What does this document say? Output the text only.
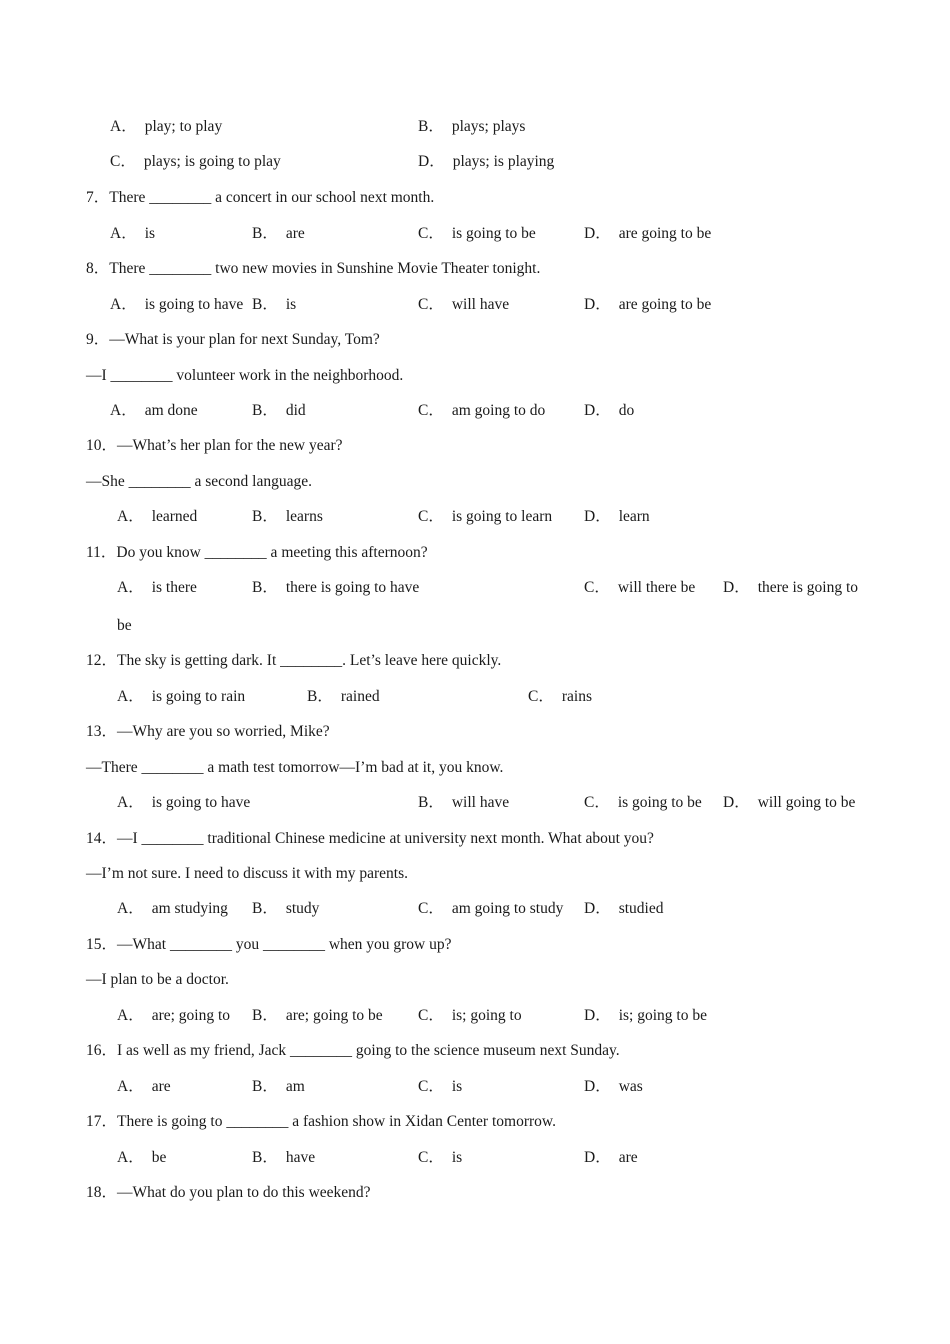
A． play; to play	B． plays; plays
C． plays; is going to play	D． plays; is playing
7．There ________ a concert in our school next month.
A． is	B． are	C． is going to be	D． are going to be
8．There ________ two new movies in Sunshine Movie Theater tonight.
A． is going to have B． is	C． will have	D． are going to be
9．—What is your plan for next Sunday, Tom?
—I ________ volunteer work in the neighborhood.
A． am done	B． did	C． am going to do D． do
10．—What’s her plan for the new year?
—She ________ a second language.
A． learned	B． learns	C． is going to learn D． learn
11．Do you know ________ a meeting this afternoon?
A． is there	B． there is going to have	C． will there be D． there is going to
be
12．The sky is getting dark. It ________. Let’s leave here quickly.
A． is going to rain	B． rained	C． rains
13．—Why are you so worried, Mike?
—There ________ a math test tomorrow—I’m bad at it, you know.
A． is going to have	B． will have	C． is going to be D． will going to be
14．—I ________ traditional Chinese medicine at university next month. What about you?
—I’m not sure. I need to discuss it with my parents.
A． am studying B． study	C． am going to study D． studied
15．—What ________ you ________ when you grow up?
—I plan to be a doctor.
A． are; going to B． are; going to be C． is; going to	D． is; going to be
16．I as well as my friend, Jack ________ going to the science museum next Sunday.
A． are	B． am	C． is	D． was
17．There is going to ________ a fashion show in Xidan Center tomorrow.
A． be	B． have	C． is	D． are
18．—What do you plan to do this weekend?
